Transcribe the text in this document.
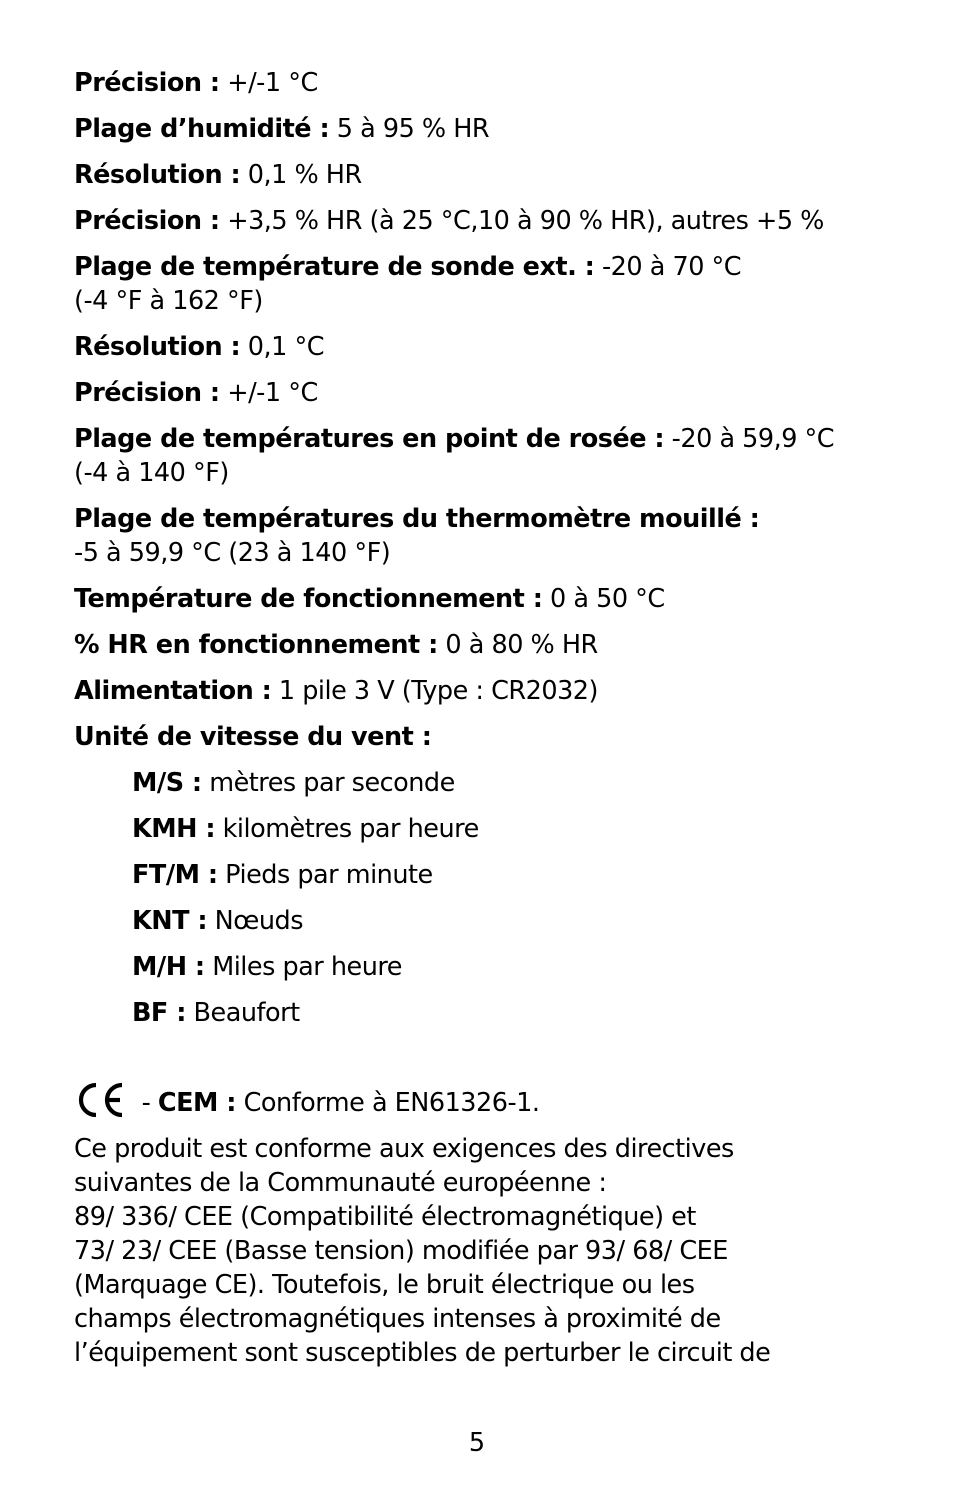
Précision : +/-1 °C

Plage d’humidité : 5 à 95 % HR

Résolution : 0,1 % HR

Précision : +3,5 % HR (à 25 °C,10 à 90 % HR), autres +5 %

Plage de température de sonde ext. : -20 à 70 °C
(-4 °F à 162 °F)

Résolution : 0,1 °C

Précision : +/-1 °C

Plage de températures en point de rosée : -20 à 59,9 °C
(-4 à 140 °F)

Plage de températures du thermomètre mouillé :
-5 à 59,9 °C (23 à 140 °F)

Température de fonctionnement : 0 à 50 °C

% HR en fonctionnement : 0 à 80 % HR

Alimentation : 1 pile 3 V (Type : CR2032)

Unité de vitesse du vent :

M/S : mètres par seconde

KMH : kilomètres par heure

FT/M : Pieds par minute

KNT : Nœuds

M/H : Miles par heure

BF : Beaufort

- CEM : Conforme à EN61326-1.
Ce produit est conforme aux exigences des directives
suivantes de la Communauté européenne :
89/ 336/ CEE (Compatibilité électromagnétique) et
73/ 23/ CEE (Basse tension) modifiée par 93/ 68/ CEE
(Marquage CE). Toutefois, le bruit électrique ou les
champs électromagnétiques intenses à proximité de
l’équipement sont susceptibles de perturber le circuit de
5
